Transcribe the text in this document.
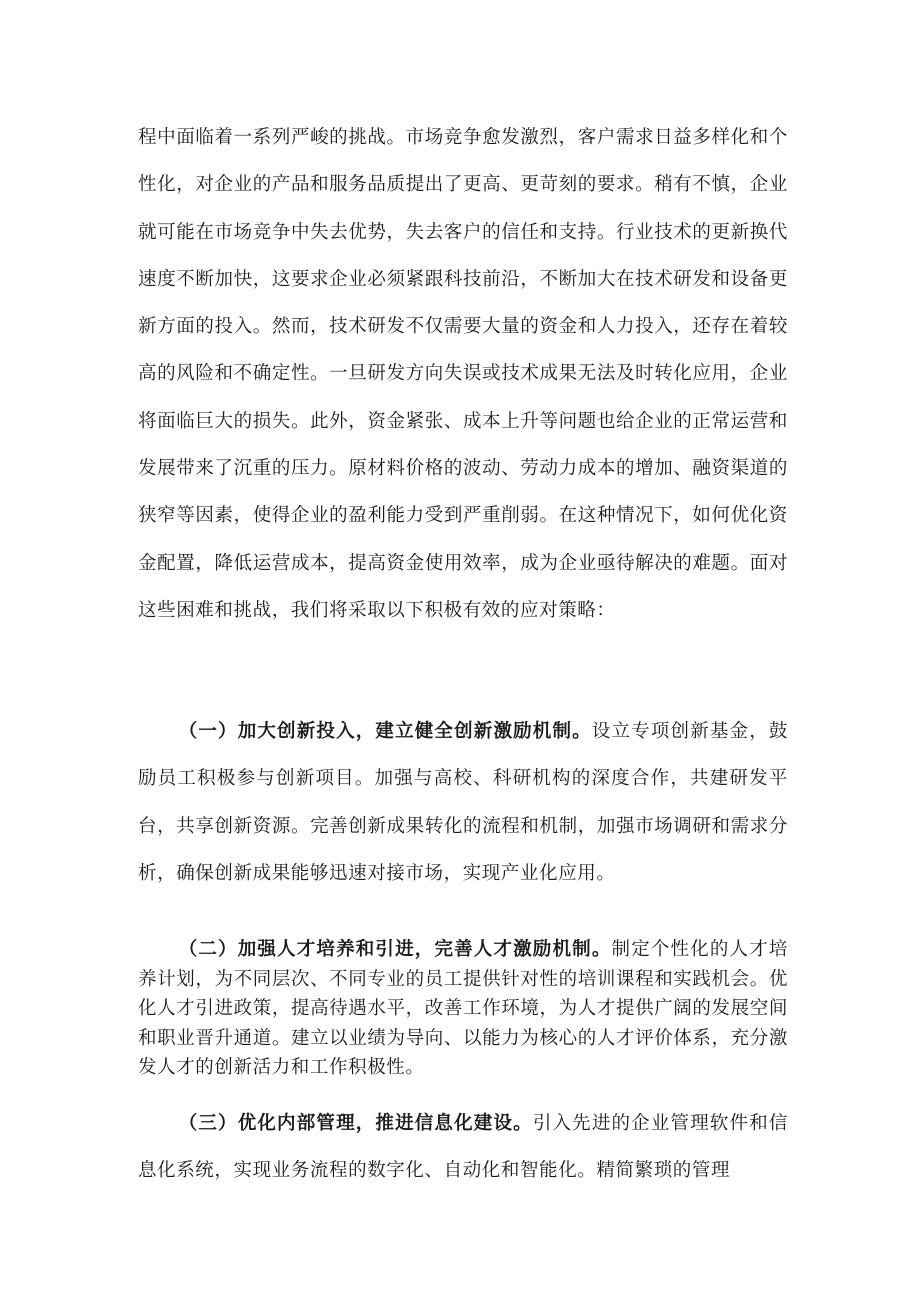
程中面临着一系列严峻的挑战。市场竞争愈发激烈，客户需求日益多样化和个性化，对企业的产品和服务品质提出了更高、更苛刻的要求。稍有不慎，企业就可能在市场竞争中失去优势，失去客户的信任和支持。行业技术的更新换代速度不断加快，这要求企业必须紧跟科技前沿，不断加大在技术研发和设备更新方面的投入。然而，技术研发不仅需要大量的资金和人力投入，还存在着较高的风险和不确定性。一旦研发方向失误或技术成果无法及时转化应用，企业将面临巨大的损失。此外，资金紧张、成本上升等问题也给企业的正常运营和发展带来了沉重的压力。原材料价格的波动、劳动力成本的增加、融资渠道的狭窄等因素，使得企业的盈利能力受到严重削弱。在这种情况下，如何优化资金配置，降低运营成本，提高资金使用效率，成为企业亟待解决的难题。面对这些困难和挑战，我们将采取以下积极有效的应对策略：
（一）加大创新投入，建立健全创新激励机制。设立专项创新基金，鼓励员工积极参与创新项目。加强与高校、科研机构的深度合作，共建研发平台，共享创新资源。完善创新成果转化的流程和机制，加强市场调研和需求分析，确保创新成果能够迅速对接市场，实现产业化应用。
（二）加强人才培养和引进，完善人才激励机制。制定个性化的人才培养计划，为不同层次、不同专业的员工提供针对性的培训课程和实践机会。优化人才引进政策，提高待遇水平，改善工作环境，为人才提供广阔的发展空间和职业晋升通道。建立以业绩为导向、以能力为核心的人才评价体系，充分激发人才的创新活力和工作积极性。
（三）优化内部管理，推进信息化建设。引入先进的企业管理软件和信息化系统，实现业务流程的数字化、自动化和智能化。精简繁琐的管理
